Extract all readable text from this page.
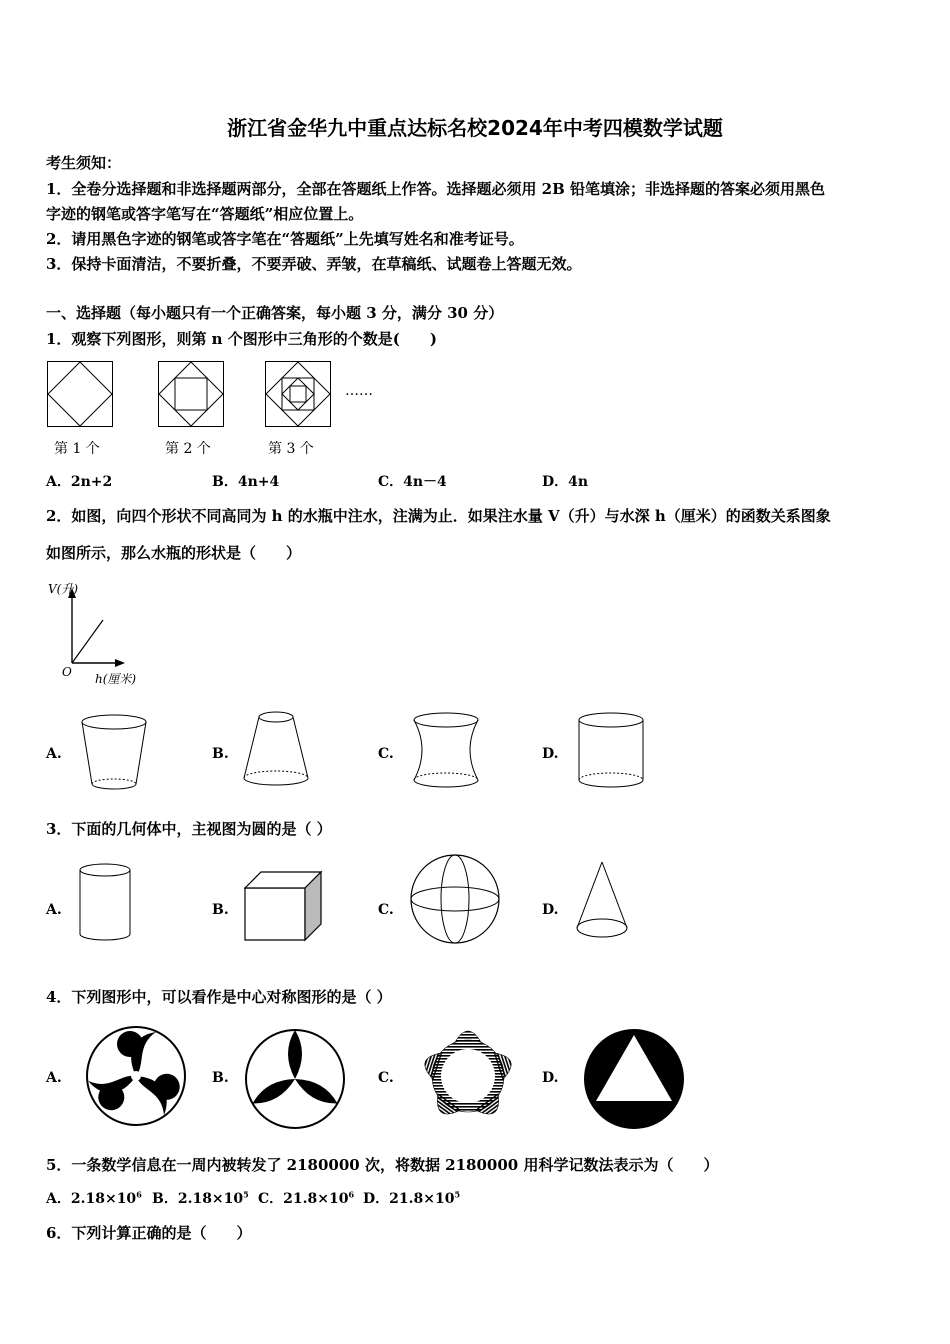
浙江省金华九中重点达标名校2024年中考四模数学试题
考生须知：
1．全卷分选择题和非选择题两部分，全部在答题纸上作答。选择题必须用 2B 铅笔填涂；非选择题的答案必须用黑色
字迹的钢笔或答字笔写在“答题纸”相应位置上。
2．请用黑色字迹的钢笔或答字笔在“答题纸”上先填写姓名和准考证号。
3．保持卡面清洁，不要折叠，不要弄破、弄皱，在草稿纸、试题卷上答题无效。
一、选择题（每小题只有一个正确答案，每小题 3 分，满分 30 分）
1．观察下列图形，则第 n 个图形中三角形的个数是(　　)
……
第 1 个	第 2 个	第 3 个
A．2n+2	B．4n+4	C．4n－4	D．4n
2．如图，向四个形状不同高同为 h 的水瓶中注水，注满为止．如果注水量 V（升）与水深 h（厘米）的函数关系图象
如图所示，那么水瓶的形状是（　　）
V(升)
O h(厘米)
A.	B.	C.	D.
3．下面的几何体中，主视图为圆的是（ ）
A.	B.	C.	D.
4．下列图形中，可以看作是中心对称图形的是（ ）
A.	B.	C.	D.
5．一条数学信息在一周内被转发了 2180000 次，将数据 2180000 用科学记数法表示为（　　）
A．$2.18\times 10^6$ B．$2.18\times 10^5$ C．$21.8\times 10^6$ D．$21.8\times 10^5$
6．下列计算正确的是（　　）
